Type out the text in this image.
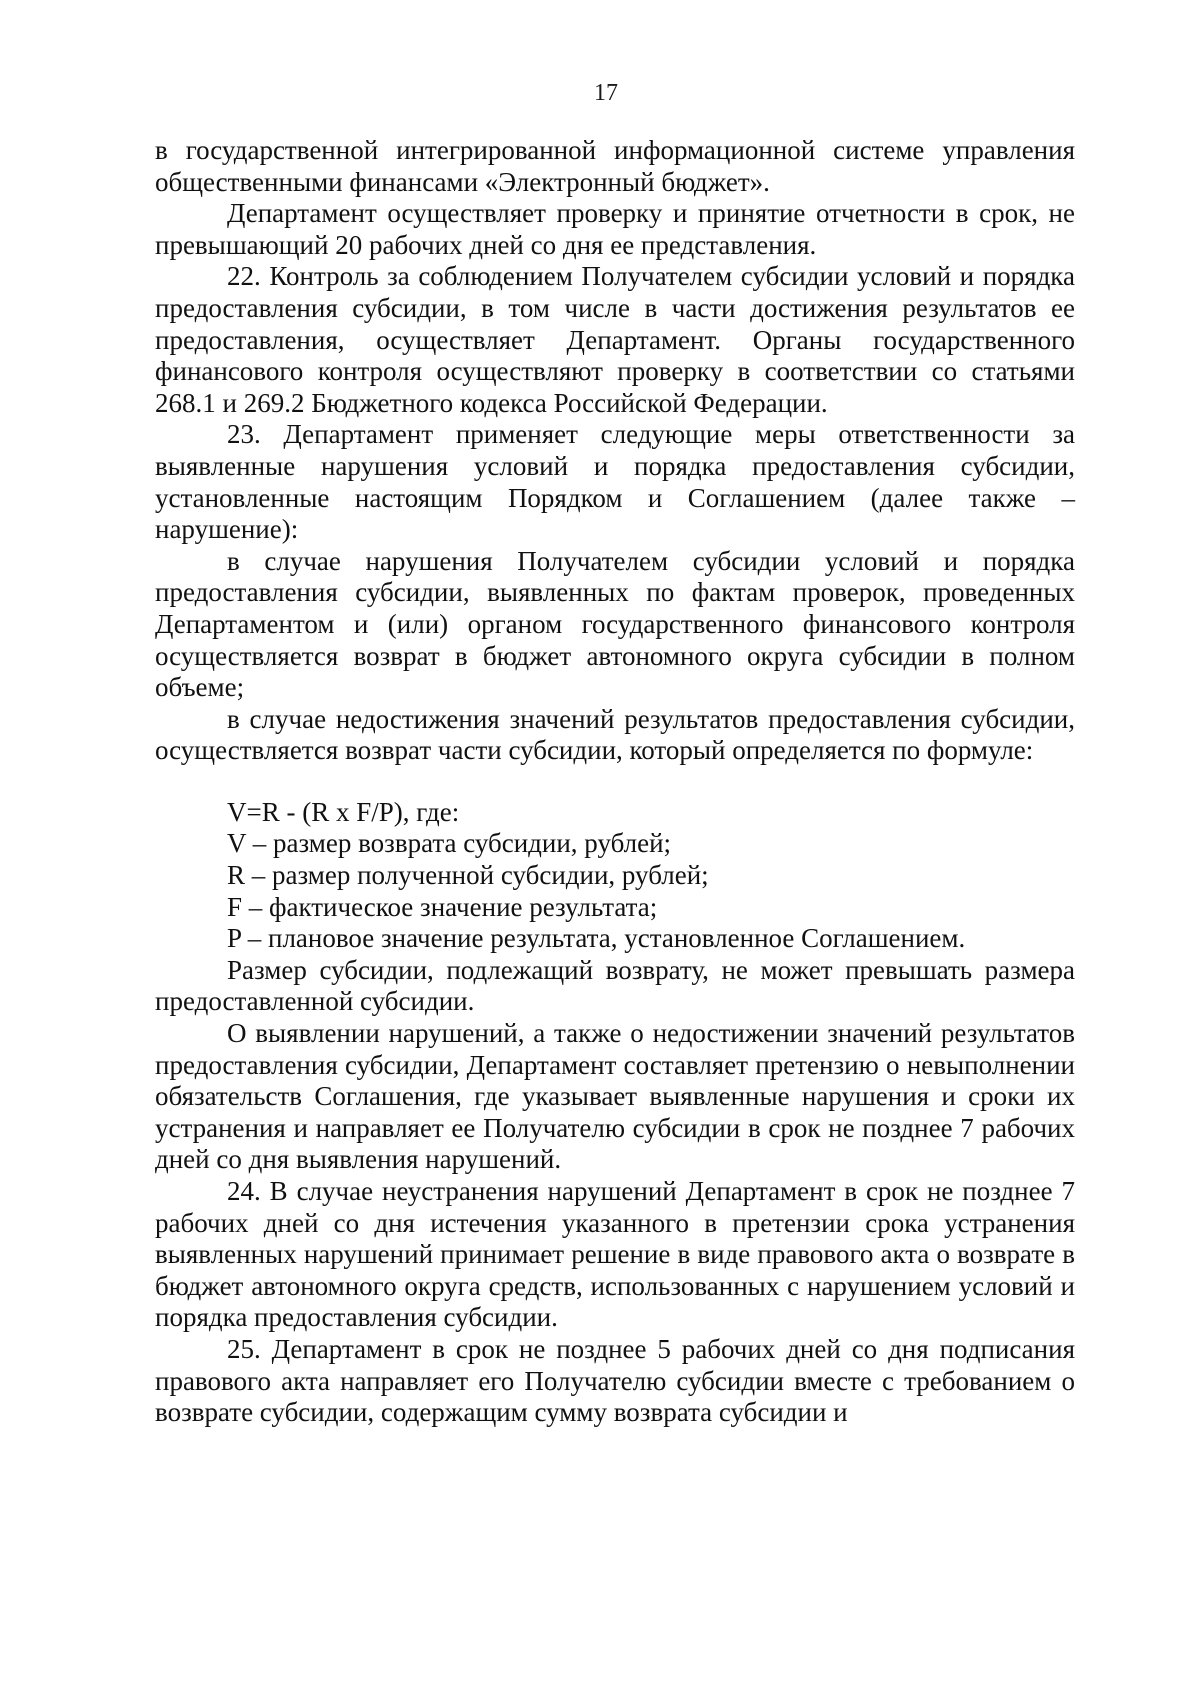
17

в государственной интегрированной информационной системе управления общественными финансами «Электронный бюджет».

Департамент осуществляет проверку и принятие отчетности в срок, не превышающий 20 рабочих дней со дня ее представления.

22. Контроль за соблюдением Получателем субсидии условий и порядка предоставления субсидии, в том числе в части достижения результатов ее предоставления, осуществляет Департамент. Органы государственного финансового контроля осуществляют проверку в соответствии со статьями 268.1 и 269.2 Бюджетного кодекса Российской Федерации.

23. Департамент применяет следующие меры ответственности за выявленные нарушения условий и порядка предоставления субсидии, установленные настоящим Порядком и Соглашением (далее также – нарушение):

в случае нарушения Получателем субсидии условий и порядка предоставления субсидии, выявленных по фактам проверок, проведенных Департаментом и (или) органом государственного финансового контроля осуществляется возврат в бюджет автономного округа субсидии в полном объеме;

в случае недостижения значений результатов предоставления субсидии, осуществляется возврат части субсидии, который определяется по формуле:

V=R - (R x F/P), где:

V – размер возврата субсидии, рублей;

R – размер полученной субсидии, рублей;

F – фактическое значение результата;

P – плановое значение результата, установленное Соглашением.

Размер субсидии, подлежащий возврату, не может превышать размера предоставленной субсидии.

О выявлении нарушений, а также о недостижении значений результатов предоставления субсидии, Департамент составляет претензию о невыполнении обязательств Соглашения, где указывает выявленные нарушения и сроки их устранения и направляет ее Получателю субсидии в срок не позднее 7 рабочих дней со дня выявления нарушений.

24. В случае неустранения нарушений Департамент в срок не позднее 7 рабочих дней со дня истечения указанного в претензии срока устранения выявленных нарушений принимает решение в виде правового акта о возврате в бюджет автономного округа средств, использованных с нарушением условий и порядка предоставления субсидии.

25. Департамент в срок не позднее 5 рабочих дней со дня подписания правового акта направляет его Получателю субсидии вместе с требованием о возврате субсидии, содержащим сумму возврата субсидии и
